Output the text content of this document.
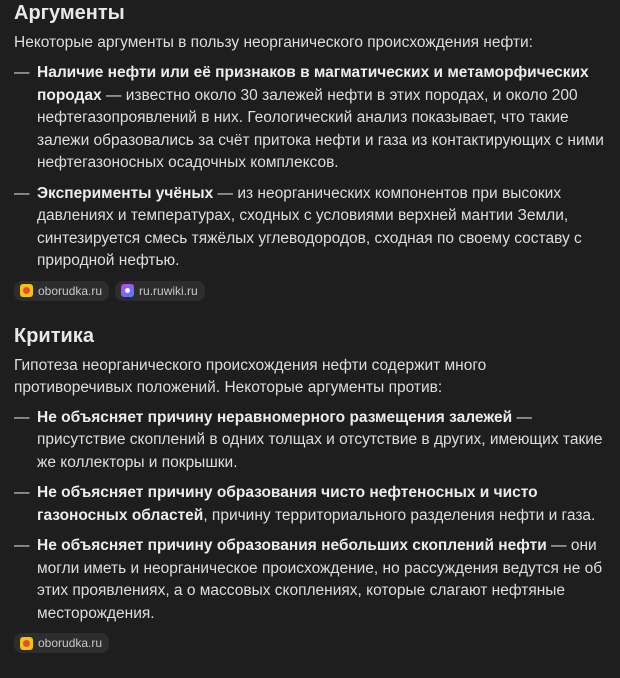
Аргументы

Некоторые аргументы в пользу неорганического происхождения нефти:

— Наличие нефти или её признаков в магматических и метаморфических породах — известно около 30 залежей нефти в этих породах, и около 200 нефтегазопроявлений в них. Геологический анализ показывает, что такие залежи образовались за счёт притока нефти и газа из контактирующих с ними нефтегазоносных осадочных комплексов.
— Эксперименты учёных — из неорганических компонентов при высоких давлениях и температурах, сходных с условиями верхней мантии Земли, синтезируется смесь тяжёлых углеводородов, сходная по своему составу с природной нефтью.
oborudka.ru	ru.ruwiki.ru
Критика

Гипотеза неорганического происхождения нефти содержит много противоречивых положений. Некоторые аргументы против:

— Не объясняет причину неравномерного размещения залежей — присутствие скоплений в одних толщах и отсутствие в других, имеющих такие же коллекторы и покрышки.
— Не объясняет причину образования чисто нефтеносных и чисто газоносных областей, причину территориального разделения нефти и газа.
— Не объясняет причину образования небольших скоплений нефти — они могли иметь и неорганическое происхождение, но рассуждения ведутся не об этих проявлениях, а о массовых скоплениях, которые слагают нефтяные месторождения.
oborudka.ru
